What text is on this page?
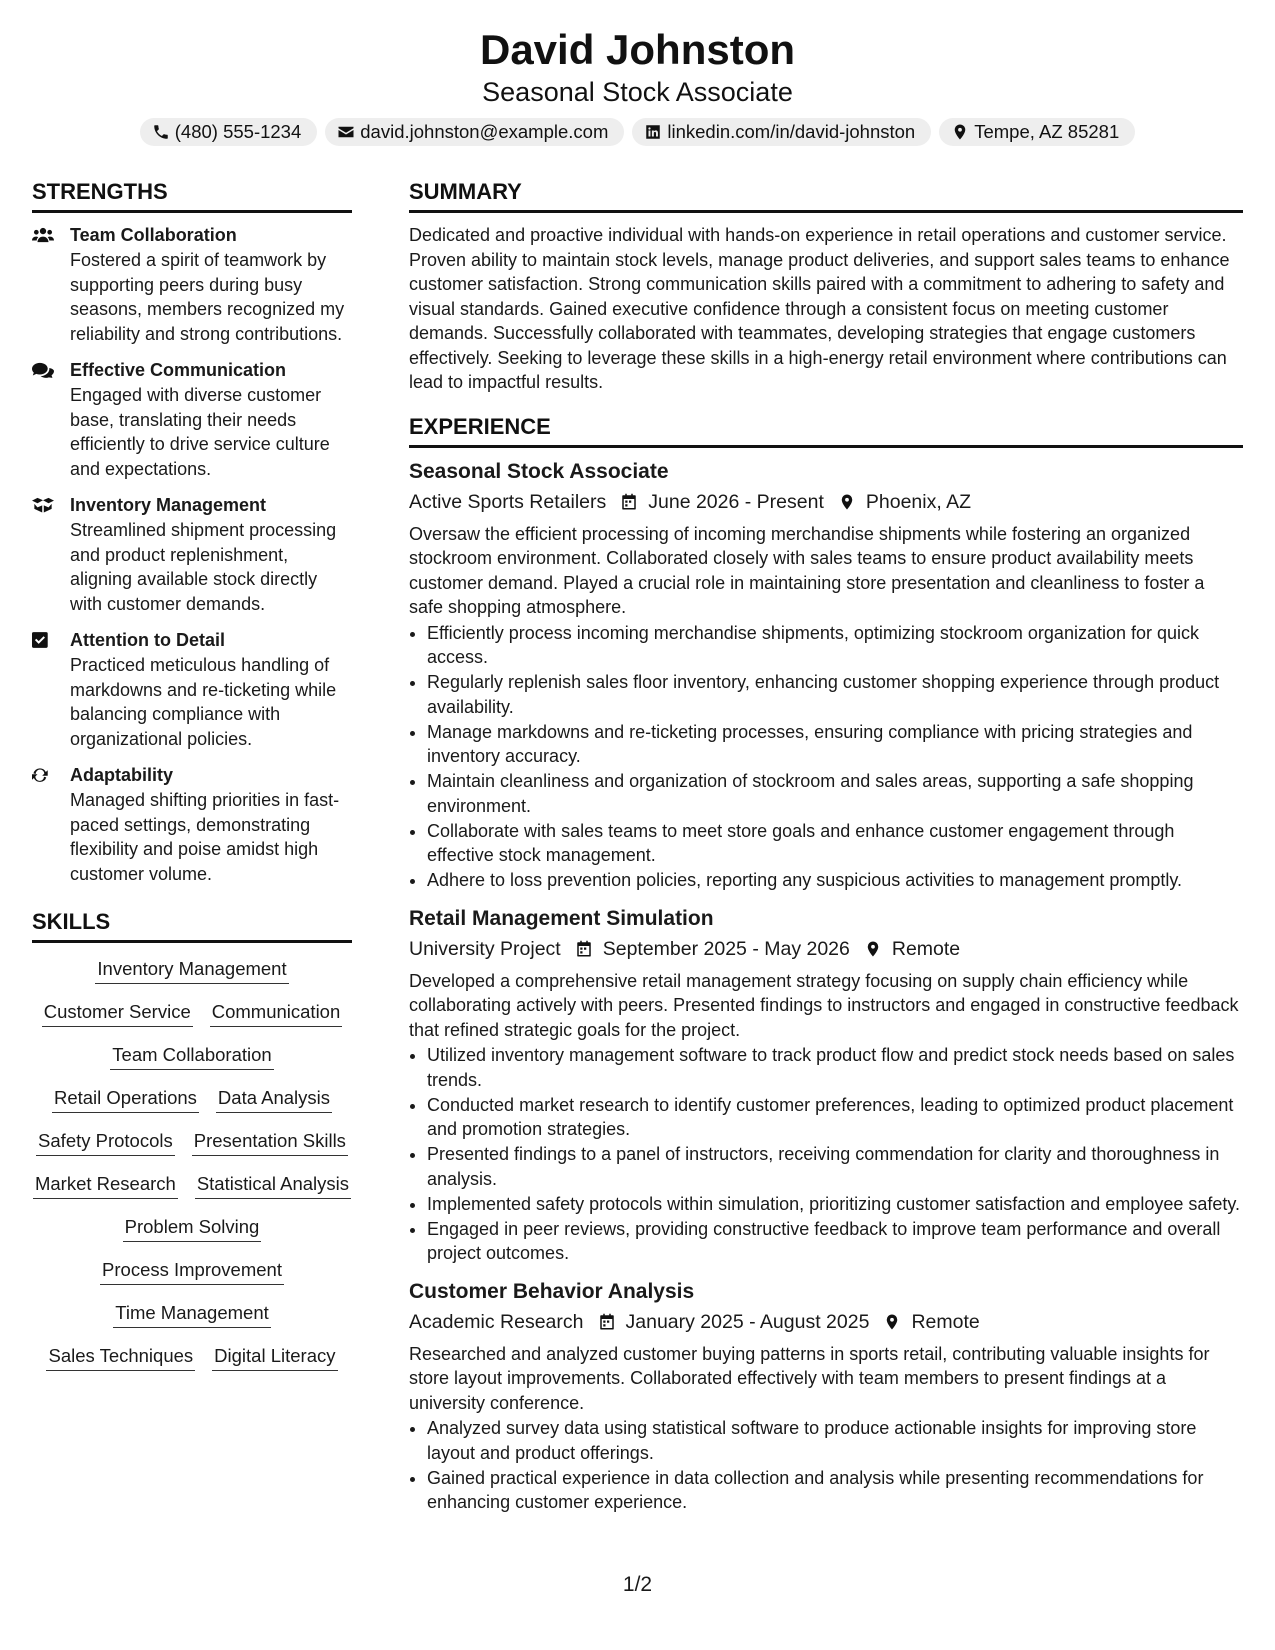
David Johnston
Seasonal Stock Associate
(480) 555-1234	david.johnston@example.com	linkedin.com/in/david-johnston	Tempe, AZ 85281
STRENGTHS
Team Collaboration
Fostered a spirit of teamwork by supporting peers during busy seasons, members recognized my reliability and strong contributions.
Effective Communication
Engaged with diverse customer base, translating their needs efficiently to drive service culture and expectations.
Inventory Management
Streamlined shipment processing and product replenishment, aligning available stock directly with customer demands.
Attention to Detail
Practiced meticulous handling of markdowns and re-ticketing while balancing compliance with organizational policies.
Adaptability
Managed shifting priorities in fast-paced settings, demonstrating flexibility and poise amidst high customer volume.
SKILLS
Inventory Management
Customer Service Communication
Team Collaboration
Retail Operations Data Analysis
Safety Protocols Presentation Skills
Market Research Statistical Analysis
Problem Solving
Process Improvement
Time Management
Sales Techniques Digital Literacy
SUMMARY
Dedicated and proactive individual with hands-on experience in retail operations and customer service. Proven ability to maintain stock levels, manage product deliveries, and support sales teams to enhance customer satisfaction. Strong communication skills paired with a commitment to adhering to safety and visual standards. Gained executive confidence through a consistent focus on meeting customer demands. Successfully collaborated with teammates, developing strategies that engage customers effectively. Seeking to leverage these skills in a high-energy retail environment where contributions can lead to impactful results.
EXPERIENCE
Seasonal Stock Associate
Active Sports Retailers June 2026 - Present Phoenix, AZ
Oversaw the efficient processing of incoming merchandise shipments while fostering an organized stockroom environment. Collaborated closely with sales teams to ensure product availability meets customer demand. Played a crucial role in maintaining store presentation and cleanliness to foster a safe shopping atmosphere.
• Efficiently process incoming merchandise shipments, optimizing stockroom organization for quick access.
• Regularly replenish sales floor inventory, enhancing customer shopping experience through product availability.
• Manage markdowns and re-ticketing processes, ensuring compliance with pricing strategies and inventory accuracy.
• Maintain cleanliness and organization of stockroom and sales areas, supporting a safe shopping environment.
• Collaborate with sales teams to meet store goals and enhance customer engagement through effective stock management.
• Adhere to loss prevention policies, reporting any suspicious activities to management promptly.
Retail Management Simulation
University Project September 2025 - May 2026 Remote
Developed a comprehensive retail management strategy focusing on supply chain efficiency while collaborating actively with peers. Presented findings to instructors and engaged in constructive feedback that refined strategic goals for the project.
• Utilized inventory management software to track product flow and predict stock needs based on sales trends.
• Conducted market research to identify customer preferences, leading to optimized product placement and promotion strategies.
• Presented findings to a panel of instructors, receiving commendation for clarity and thoroughness in analysis.
• Implemented safety protocols within simulation, prioritizing customer satisfaction and employee safety.
• Engaged in peer reviews, providing constructive feedback to improve team performance and overall project outcomes.
Customer Behavior Analysis
Academic Research January 2025 - August 2025 Remote
Researched and analyzed customer buying patterns in sports retail, contributing valuable insights for store layout improvements. Collaborated effectively with team members to present findings at a university conference.
• Analyzed survey data using statistical software to produce actionable insights for improving store layout and product offerings.
• Gained practical experience in data collection and analysis while presenting recommendations for enhancing customer experience.
1/2
